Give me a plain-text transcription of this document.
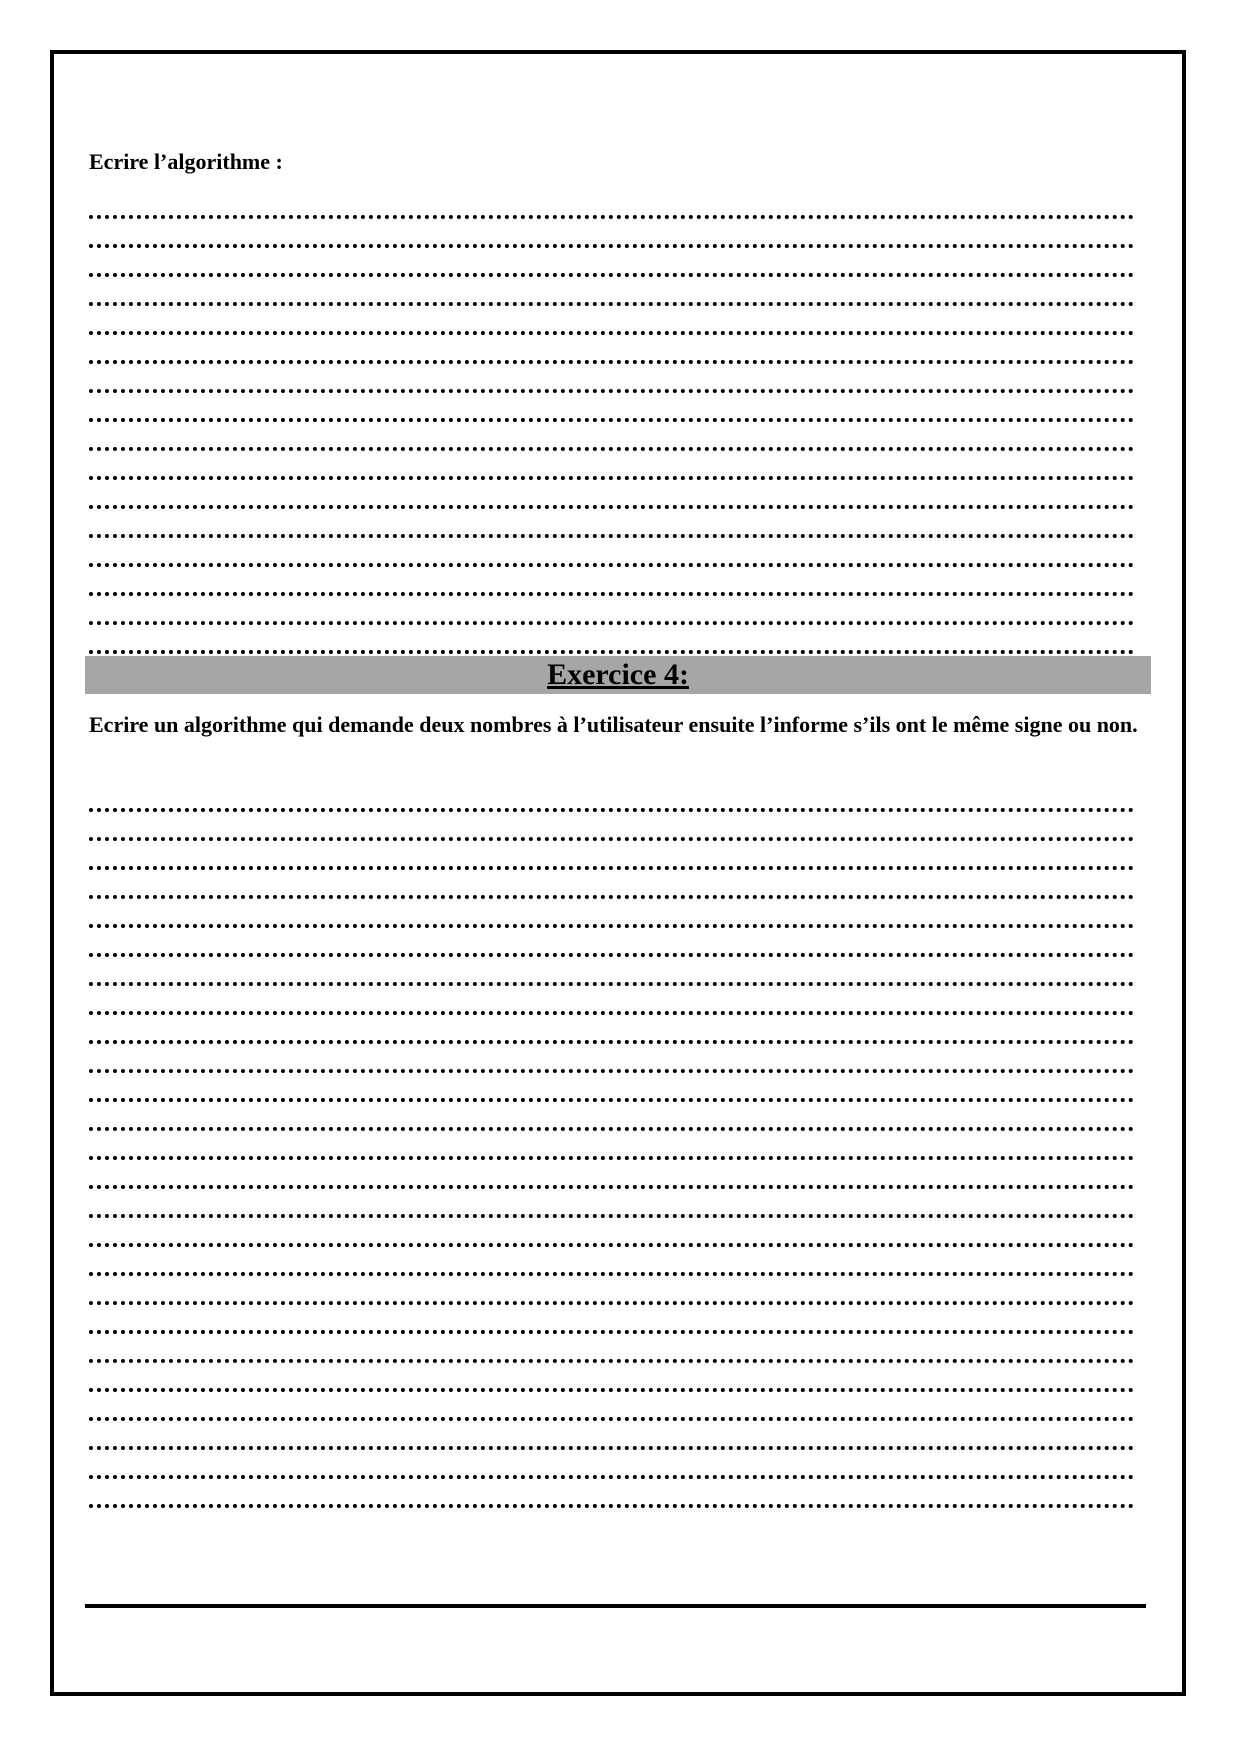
Ecrire l’algorithme :

Exercice 4:

Ecrire un algorithme qui demande deux nombres à l’utilisateur ensuite l’informe s’ils ont le même signe ou non.
